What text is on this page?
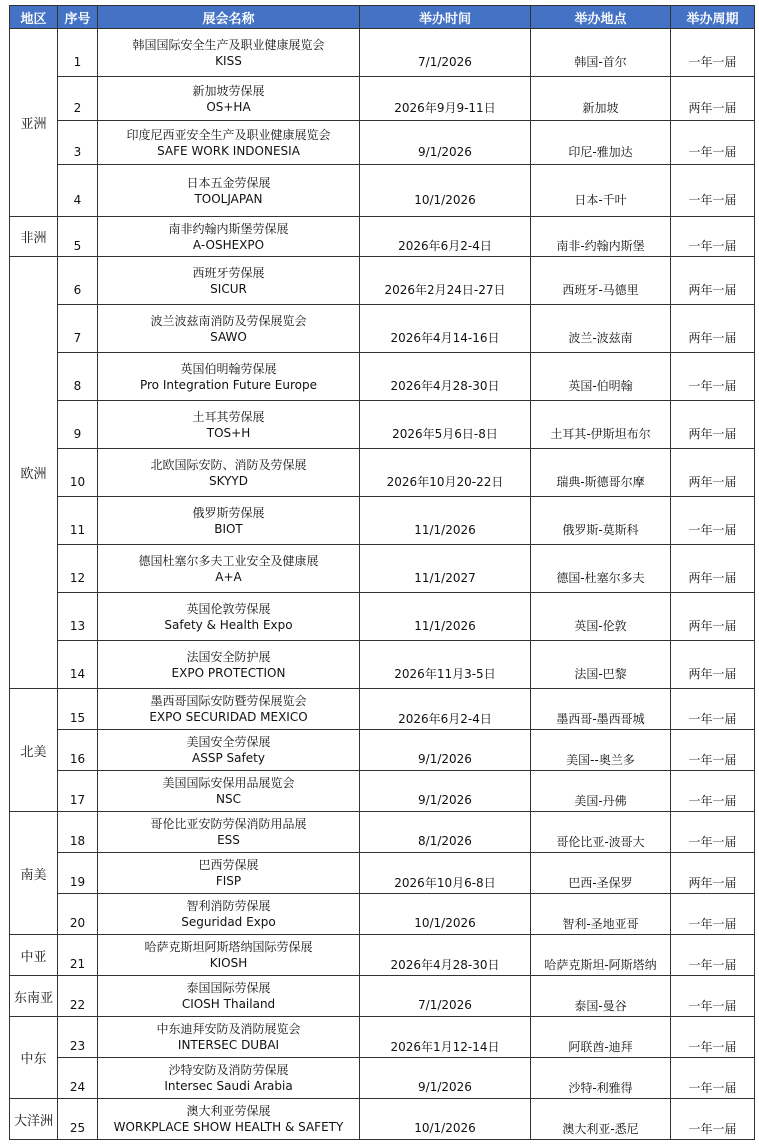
地区	序号	展会名称	举办时间	举办地点	举办周期
亚洲	1	韩国国际安全生产及职业健康展览会
KISS	7/1/2026	韩国-首尔	一年一届

	2	新加坡劳保展
OS+HA	2026年9月9-11日	新加坡	两年一届

	3	印度尼西亚安全生产及职业健康展览会
SAFE WORK INDONESIA	9/1/2026	印尼-雅加达	一年一届

	4	日本五金劳保展
TOOLJAPAN	10/1/2026	日本-千叶	一年一届

非洲	5	南非约翰内斯堡劳保展
A-OSHEXPO	2026年6月2-4日	南非-约翰内斯堡	一年一届

欧洲	6	西班牙劳保展
SICUR	2026年2月24日-27日	西班牙-马德里	两年一届

	7	波兰波兹南消防及劳保展览会
SAWO	2026年4月14-16日	波兰-波兹南	两年一届

	8	英国伯明翰劳保展
Pro Integration Future Europe	2026年4月28-30日	英国-伯明翰	一年一届

	9	土耳其劳保展
TOS+H	2026年5月6日-8日	土耳其-伊斯坦布尔	两年一届

	10	北欧国际安防、消防及劳保展
SKYYD	2026年10月20-22日	瑞典-斯德哥尔摩	两年一届

	11	俄罗斯劳保展
BIOT	11/1/2026	俄罗斯-莫斯科	一年一届

	12	德国杜塞尔多夫工业安全及健康展
A+A	11/1/2027	德国-杜塞尔多夫	两年一届

	13	英国伦敦劳保展
Safety & Health Expo	11/1/2026	英国-伦敦	两年一届

	14	法国安全防护展
EXPO PROTECTION	2026年11月3-5日	法国-巴黎	两年一届

北美	15	墨西哥国际安防暨劳保展览会
EXPO SECURIDAD MEXICO	2026年6月2-4日	墨西哥-墨西哥城	一年一届

	16	美国安全劳保展
ASSP Safety	9/1/2026	美国--奥兰多	一年一届

	17	美国国际安保用品展览会
NSC	9/1/2026	美国-丹佛	一年一届

南美	18	哥伦比亚安防劳保消防用品展
ESS	8/1/2026	哥伦比亚-波哥大	一年一届

	19	巴西劳保展
FISP	2026年10月6-8日	巴西-圣保罗	两年一届

	20	智利消防劳保展
Seguridad Expo	10/1/2026	智利-圣地亚哥	一年一届

中亚	21	哈萨克斯坦阿斯塔纳国际劳保展
KIOSH	2026年4月28-30日	哈萨克斯坦-阿斯塔纳	一年一届

东南亚	22	泰国国际劳保展
CIOSH Thailand	7/1/2026	泰国-曼谷	一年一届

中东	23	中东迪拜安防及消防展览会
INTERSEC DUBAI	2026年1月12-14日	阿联酋-迪拜	一年一届

	24	沙特安防及消防劳保展
Intersec Saudi Arabia	9/1/2026	沙特-利雅得	一年一届

大洋洲	25	澳大利亚劳保展
WORKPLACE SHOW HEALTH & SAFETY	10/1/2026	澳大利亚-悉尼	一年一届
